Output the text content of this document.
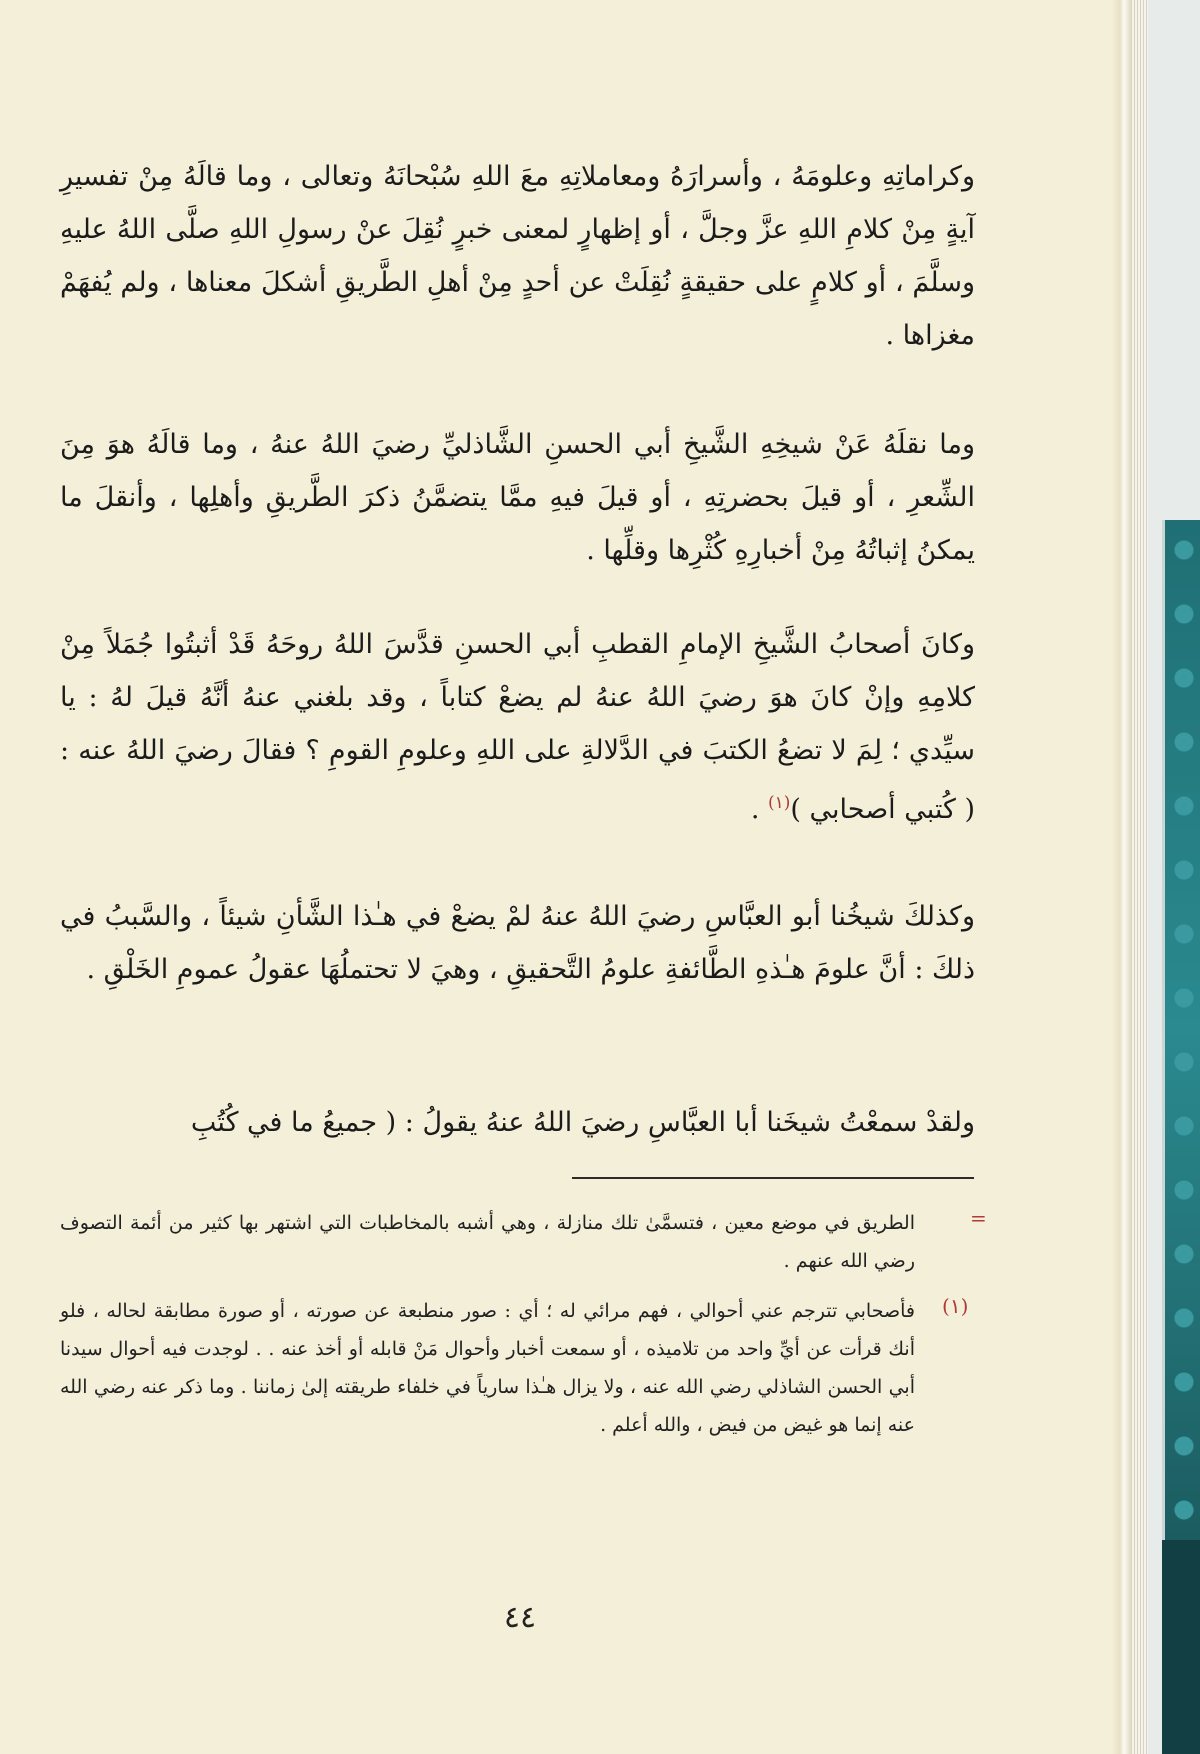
وكراماتِهِ وعلومَهُ ، وأسرارَهُ ومعاملاتِهِ معَ اللهِ سُبْحانَهُ وتعالى ، وما قالَهُ مِنْ تفسيرِ آيةٍ مِنْ كلامِ اللهِ عزَّ وجلَّ ، أو إظهارٍ لمعنى خبرٍ نُقِلَ عنْ رسولِ اللهِ صلَّى اللهُ عليهِ وسلَّمَ ، أو كلامٍ على حقيقةٍ نُقِلَتْ عن أحدٍ مِنْ أهلِ الطَّريقِ أشكلَ معناها ، ولم يُفهَمْ مغزاها .

وما نقلَهُ عَنْ شيخِهِ الشَّيخِ أبي الحسنِ الشَّاذليِّ رضيَ اللهُ عنهُ ، وما قالَهُ هوَ مِنَ الشِّعرِ ، أو قيلَ بحضرتِهِ ، أو قيلَ فيهِ ممَّا يتضمَّنُ ذكرَ الطَّريقِ وأهلِها ، وأنقلَ ما يمكنُ إثباتُهُ مِنْ أخبارِهِ كُثْرِها وقلِّها .

وكانَ أصحابُ الشَّيخِ الإمامِ القطبِ أبي الحسنِ قدَّسَ اللهُ روحَهُ قَدْ أثبتُوا جُمَلاً مِنْ كلامِهِ وإنْ كانَ هوَ رضيَ اللهُ عنهُ لم يضعْ كتاباً ، وقد بلغني عنهُ أنَّهُ قيلَ لهُ : يا سيِّدي ؛ لِمَ لا تضعُ الكتبَ في الدَّلالةِ على اللهِ وعلومِ القومِ ؟ فقالَ رضيَ اللهُ عنه : ( كُتبي أصحابي )$^{(١)}$ .

وكذلكَ شيخُنا أبو العبَّاسِ رضيَ اللهُ عنهُ لمْ يضعْ في هـٰذا الشَّأنِ شيئاً ، والسَّببُ في ذلكَ : أنَّ علومَ هـٰذهِ الطَّائفةِ علومُ التَّحقيقِ ، وهيَ لا تحتملُهَا عقولُ عمومِ الخَلْقِ .

ولقدْ سمعْتُ شيخَنا أبا العبَّاسِ رضيَ اللهُ عنهُ يقولُ : ( جميعُ ما في كُتُبِ

=

الطريق في موضع معين ، فتسمَّىٰ تلك منازلة ، وهي أشبه بالمخاطبات التي اشتهر بها كثير من أئمة التصوف رضي الله عنهم .

(١)

فأصحابي تترجم عني أحوالي ، فهم مرائي له ؛ أي : صور منطبعة عن صورته ، أو صورة مطابقة لحاله ، فلو أنك قرأت عن أيِّ واحد من تلاميذه ، أو سمعت أخبار وأحوال مَنْ قابله أو أخذ عنه . . لوجدت فيه أحوال سيدنا أبي الحسن الشاذلي رضي الله عنه ، ولا يزال هـٰذا سارياً في خلفاء طريقته إلىٰ زماننا . وما ذكر عنه رضي الله عنه إنما هو غيض من فيض ، والله أعلم .

٤٤
